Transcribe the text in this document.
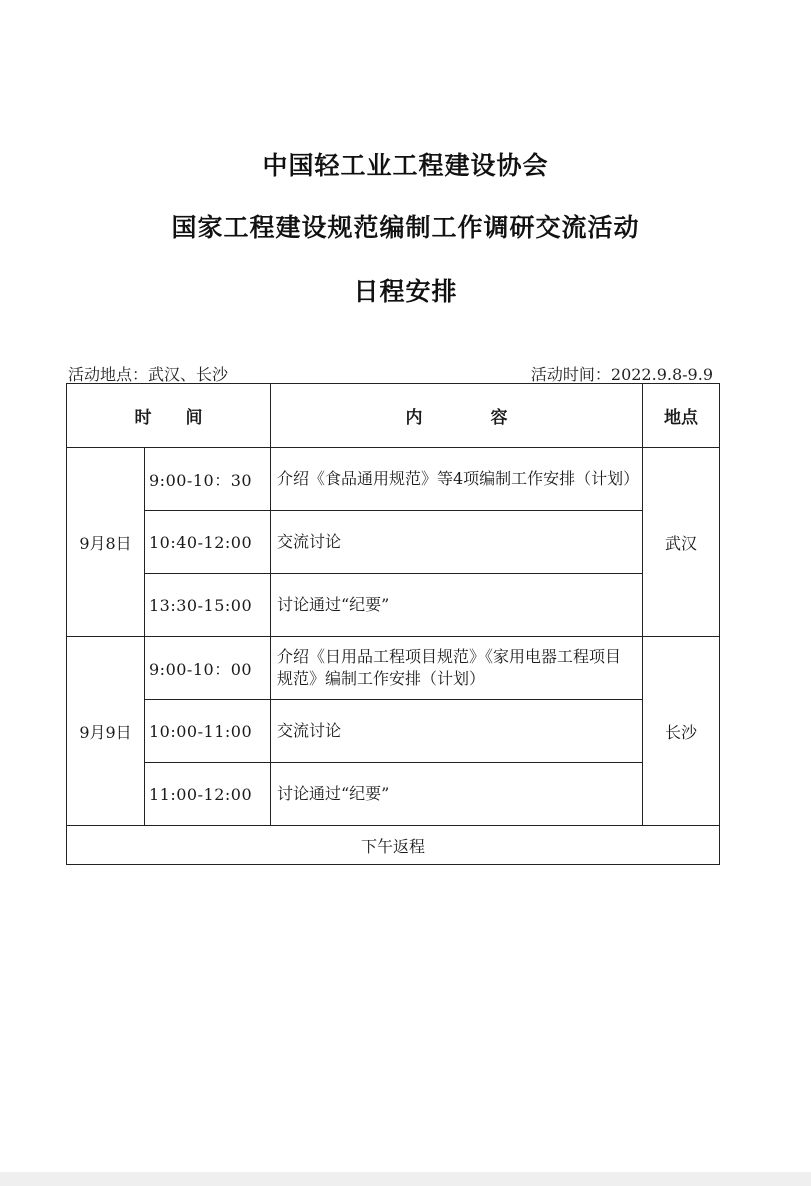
中国轻工业工程建设协会
国家工程建设规范编制工作调研交流活动
日程安排
活动地点：武汉、长沙	活动时间：2022.9.8-9.9
时　　间		内　　　　容	地点
9月8日	9:00-10：30	介绍《食品通用规范》等4项编制工作安排（计划）	武汉
	10:40-12:00	交流讨论	
	13:30-15:00	讨论通过“纪要”	
9月9日	9:00-10：00	介绍《日用品工程项目规范》《家用电器工程项目规范》编制工作安排（计划）	长沙
	10:00-11:00	交流讨论	
	11:00-12:00	讨论通过“纪要”	
下午返程			
